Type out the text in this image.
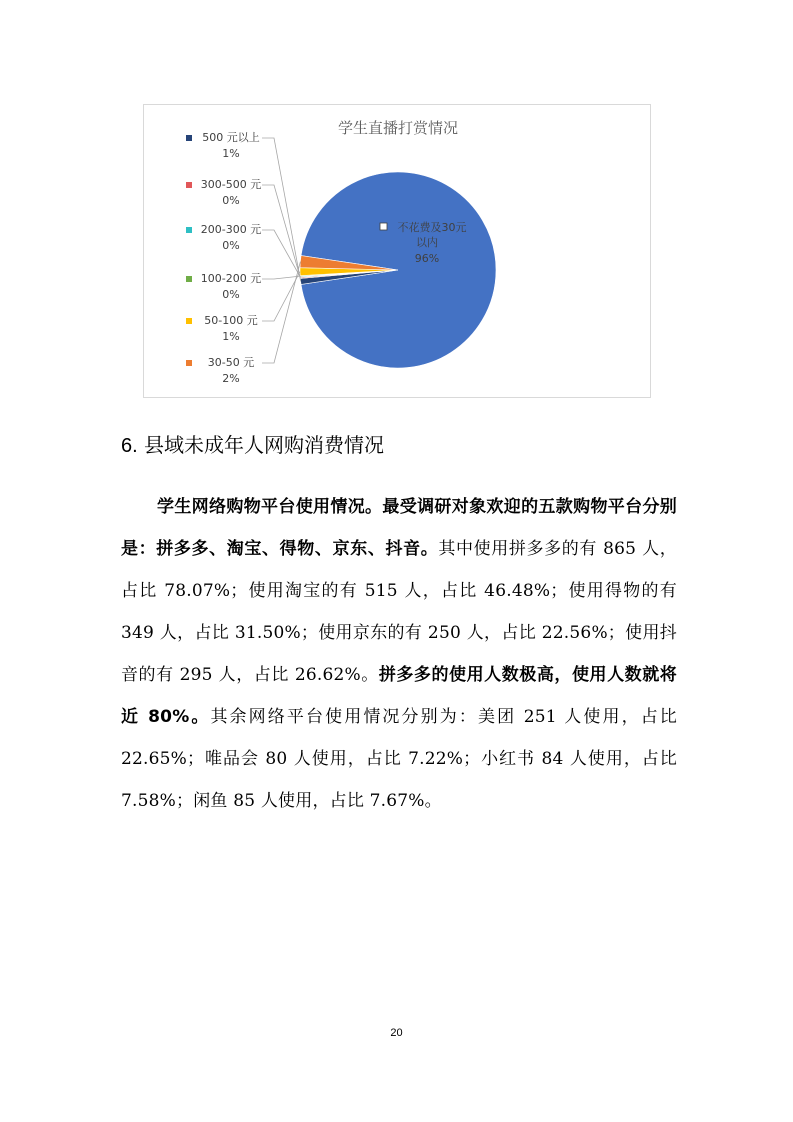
学生直播打赏情况
不花费及30元
以内
96%
500 元以上
1%
300-500 元
0%
200-300 元
0%
100-200 元
0%
50-100 元
1%
30-50 元
2%
6. 县域未成年人网购消费情况

学生网络购物平台使用情况。最受调研对象欢迎的五款购物平台分别是：拼多多、淘宝、得物、京东、抖音。其中使用拼多多的有 865 人，占比 78.07%；使用淘宝的有 515 人，占比 46.48%；使用得物的有 349 人，占比 31.50%；使用京东的有 250 人，占比 22.56%；使用抖音的有 295 人，占比 26.62%。拼多多的使用人数极高，使用人数就将近 80%。其余网络平台使用情况分别为：美团 251 人使用，占比 22.65%；唯品会 80 人使用，占比 7.22%；小红书 84 人使用，占比 7.58%；闲鱼 85 人使用，占比 7.67%。

20
